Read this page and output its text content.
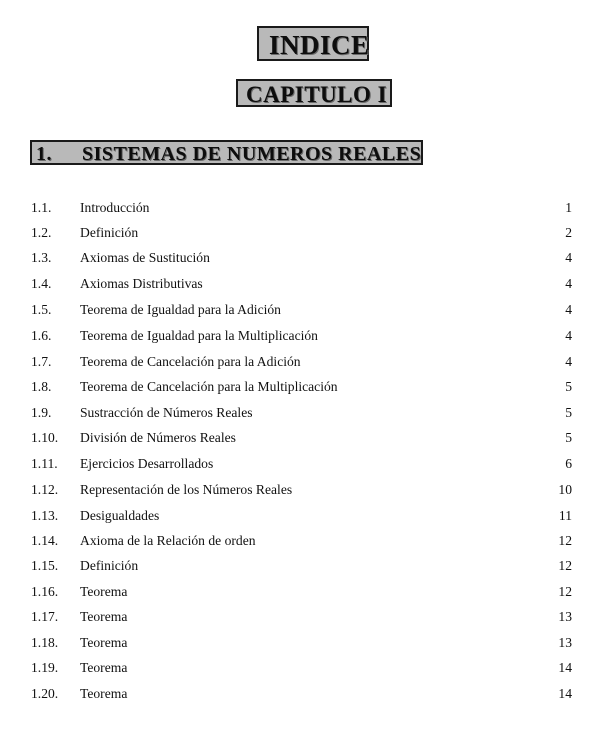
INDICE
CAPITULO I
1. SISTEMAS DE NUMEROS REALES
1.1. Introducción	1
1.2. Definición	2
1.3. Axiomas de Sustitución	4
1.4. Axiomas Distributivas	4
1.5. Teorema de Igualdad para la Adición	4
1.6. Teorema de Igualdad para la Multiplicación	4
1.7. Teorema de Cancelación para la Adición	4
1.8. Teorema de Cancelación para la Multiplicación	5
1.9. Sustracción de Números Reales	5
1.10. División de Números Reales	5
1.11. Ejercicios Desarrollados	6
1.12. Representación de los Números Reales	10
1.13. Desigualdades	11
1.14. Axioma de la Relación de orden	12
1.15. Definición	12
1.16. Teorema	12
1.17. Teorema	13
1.18. Teorema	13
1.19. Teorema	14
1.20. Teorema	14
